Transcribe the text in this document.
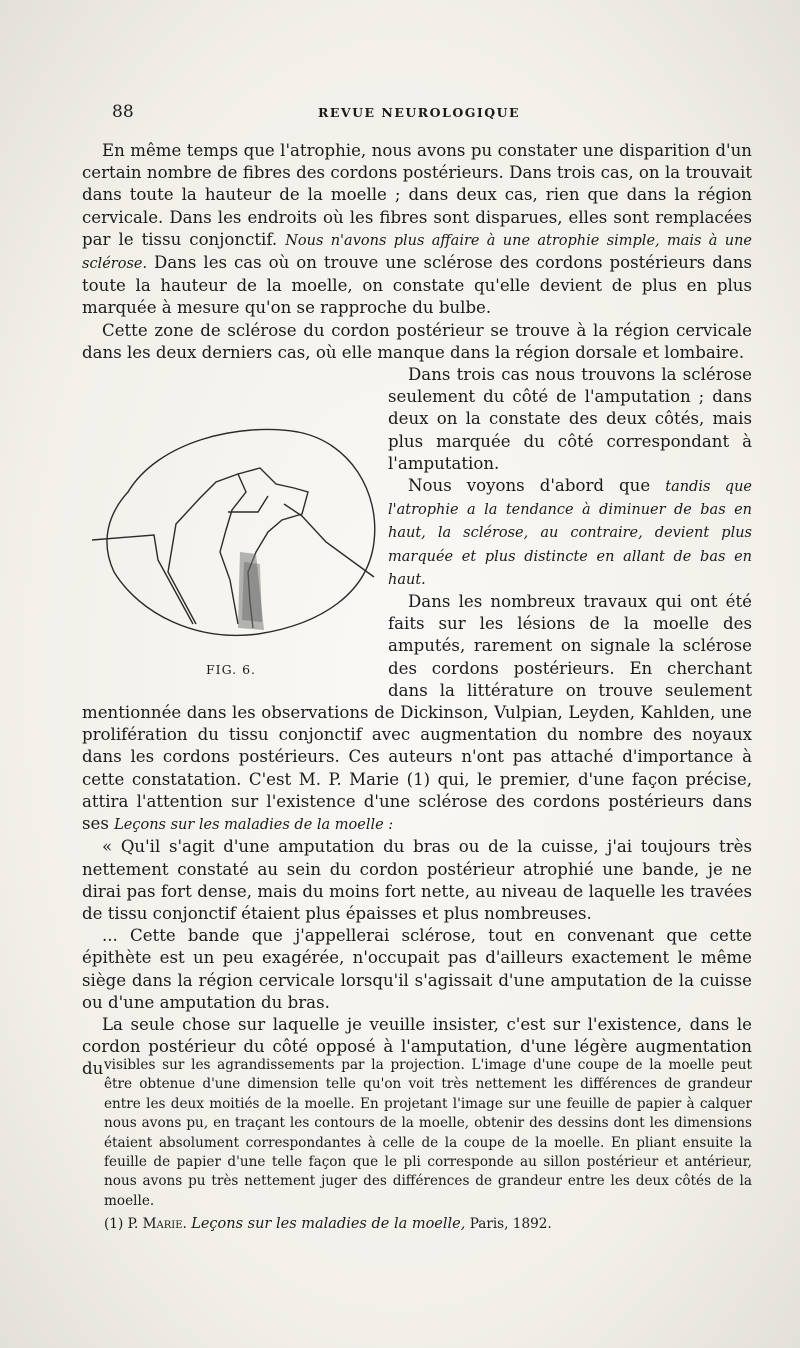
88	REVUE NEUROLOGIQUE

En même temps que l'atrophie, nous avons pu constater une disparition d'un certain nombre de fibres des cordons postérieurs. Dans trois cas, on la trouvait dans toute la hauteur de la moelle ; dans deux cas, rien que dans la région cervicale. Dans les endroits où les fibres sont disparues, elles sont remplacées par le tissu conjonctif. Nous n'avons plus affaire à une atrophie simple, mais à une sclérose. Dans les cas où on trouve une sclérose des cordons postérieurs dans toute la hauteur de la moelle, on constate qu'elle devient de plus en plus marquée à mesure qu'on se rapproche du bulbe.

Cette zone de sclérose du cordon postérieur se trouve à la région cervicale dans les deux derniers cas, où elle manque dans la région dorsale et lombaire.

FIG. 6.

Dans trois cas nous trouvons la sclérose seulement du côté de l'amputation ; dans deux on la constate des deux côtés, mais plus marquée du côté correspondant à l'amputation.

Nous voyons d'abord que tandis que l'atrophie a la tendance à diminuer de bas en haut, la sclérose, au contraire, devient plus marquée et plus distincte en allant de bas en haut.

Dans les nombreux travaux qui ont été faits sur les lésions de la moelle des amputés, rarement on signale la sclérose des cordons postérieurs. En cherchant dans la littérature on trouve seulement mentionnée dans les observations de Dickinson, Vulpian, Leyden, Kahlden, une prolifération du tissu conjonctif avec augmentation du nombre des noyaux dans les cordons postérieurs. Ces auteurs n'ont pas attaché d'importance à cette constatation. C'est M. P. Marie (1) qui, le premier, d'une façon précise, attira l'attention sur l'existence d'une sclérose des cordons postérieurs dans ses Leçons sur les maladies de la moelle :

« Qu'il s'agit d'une amputation du bras ou de la cuisse, j'ai toujours très nettement constaté au sein du cordon postérieur atrophié une bande, je ne dirai pas fort dense, mais du moins fort nette, au niveau de laquelle les travées de tissu conjonctif étaient plus épaisses et plus nombreuses.

... Cette bande que j'appellerai sclérose, tout en convenant que cette épithète est un peu exagérée, n'occupait pas d'ailleurs exactement le même siège dans la région cervicale lorsqu'il s'agissait d'une amputation de la cuisse ou d'une amputation du bras.

La seule chose sur laquelle je veuille insister, c'est sur l'existence, dans le cordon postérieur du côté opposé à l'amputation, d'une légère augmentation du visibles sur les agrandissements par la projection. L'image d'une coupe de la moelle peut être obtenue d'une dimension telle qu'on voit très nettement les différences de grandeur entre les deux moitiés de la moelle. En projetant l'image sur une feuille de papier à calquer nous avons pu, en traçant les contours de la moelle, obtenir des dessins dont les dimensions étaient absolument correspondantes à celle de la coupe de la moelle. En pliant ensuite la feuille de papier d'une telle façon que le pli corresponde au sillon postérieur et antérieur, nous avons pu très nettement juger des différences de grandeur entre les deux côtés de la moelle.

(1) P. Marie. Leçons sur les maladies de la moelle, Paris, 1892.
